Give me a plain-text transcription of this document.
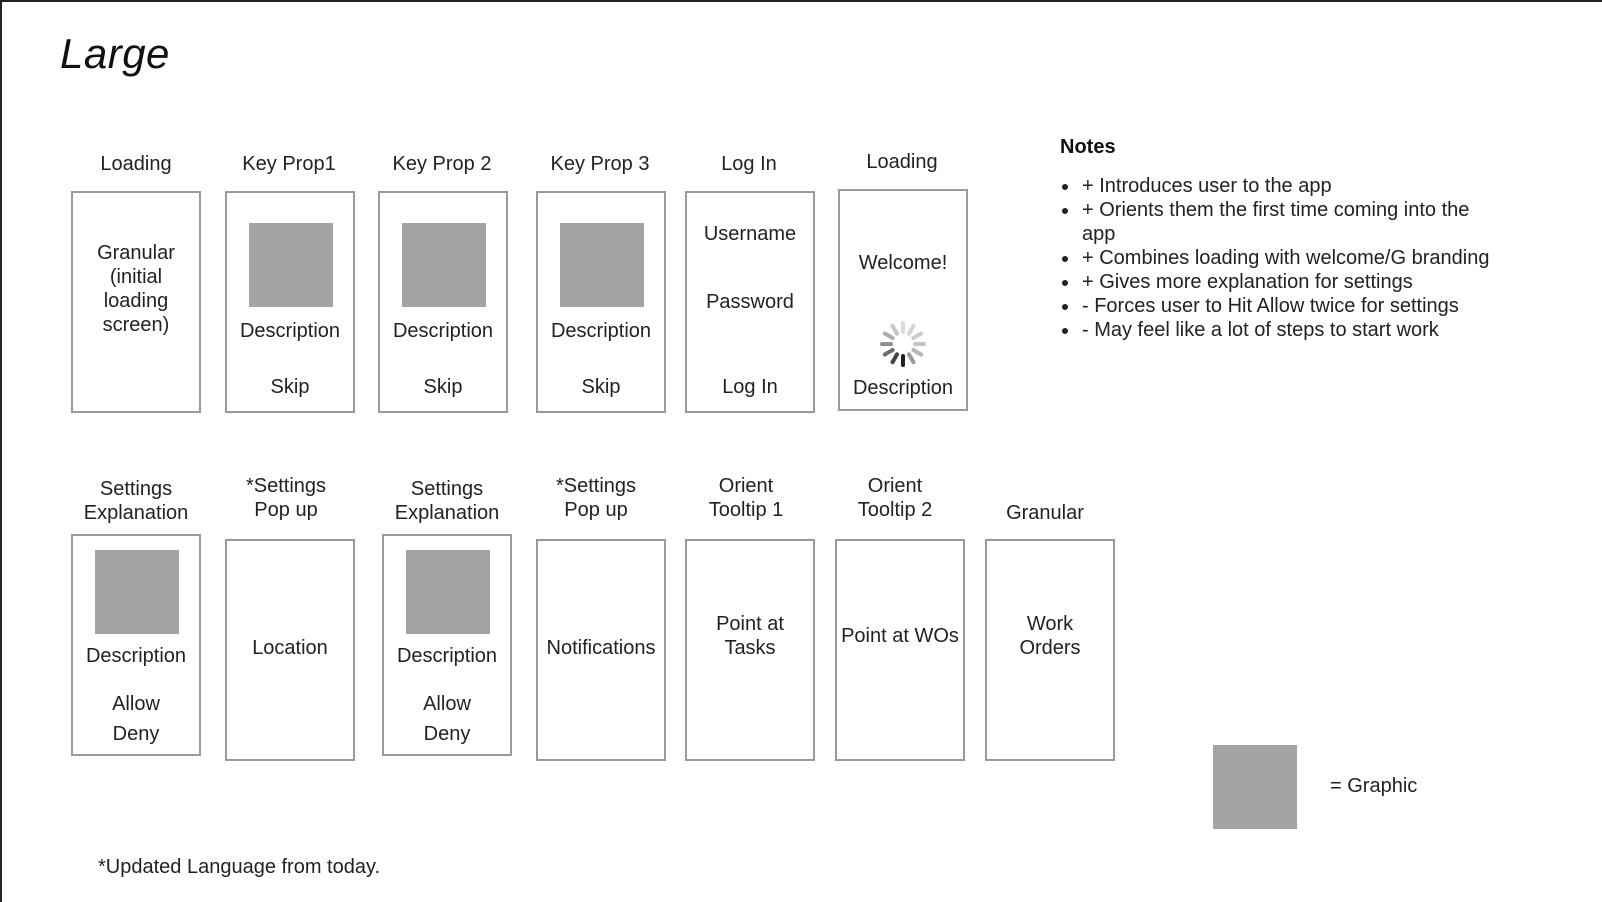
Large
Loading
Granular
(initial
loading
screen)
Key Prop1
Description
Skip
Key Prop 2
Description
Skip
Key Prop 3
Description
Skip
Log In
Username
Password
Log In
Loading
Welcome!
Description
Settings
Explanation
Description
Allow
Deny
*Settings
Pop up
Location
Settings
Explanation
Description
Allow
Deny
*Settings
Pop up
Notifications
Orient
Tooltip 1
Point at
Tasks
Orient
Tooltip 2
Point at WOs
Granular
Work
Orders
Notes
• + Introduces user to the app
• + Orients them the first time coming into the app
• + Combines loading with welcome/G branding
• + Gives more explanation for settings
• - Forces user to Hit Allow twice for settings
• - May feel like a lot of steps to start work
= Graphic
*Updated Language from today.
